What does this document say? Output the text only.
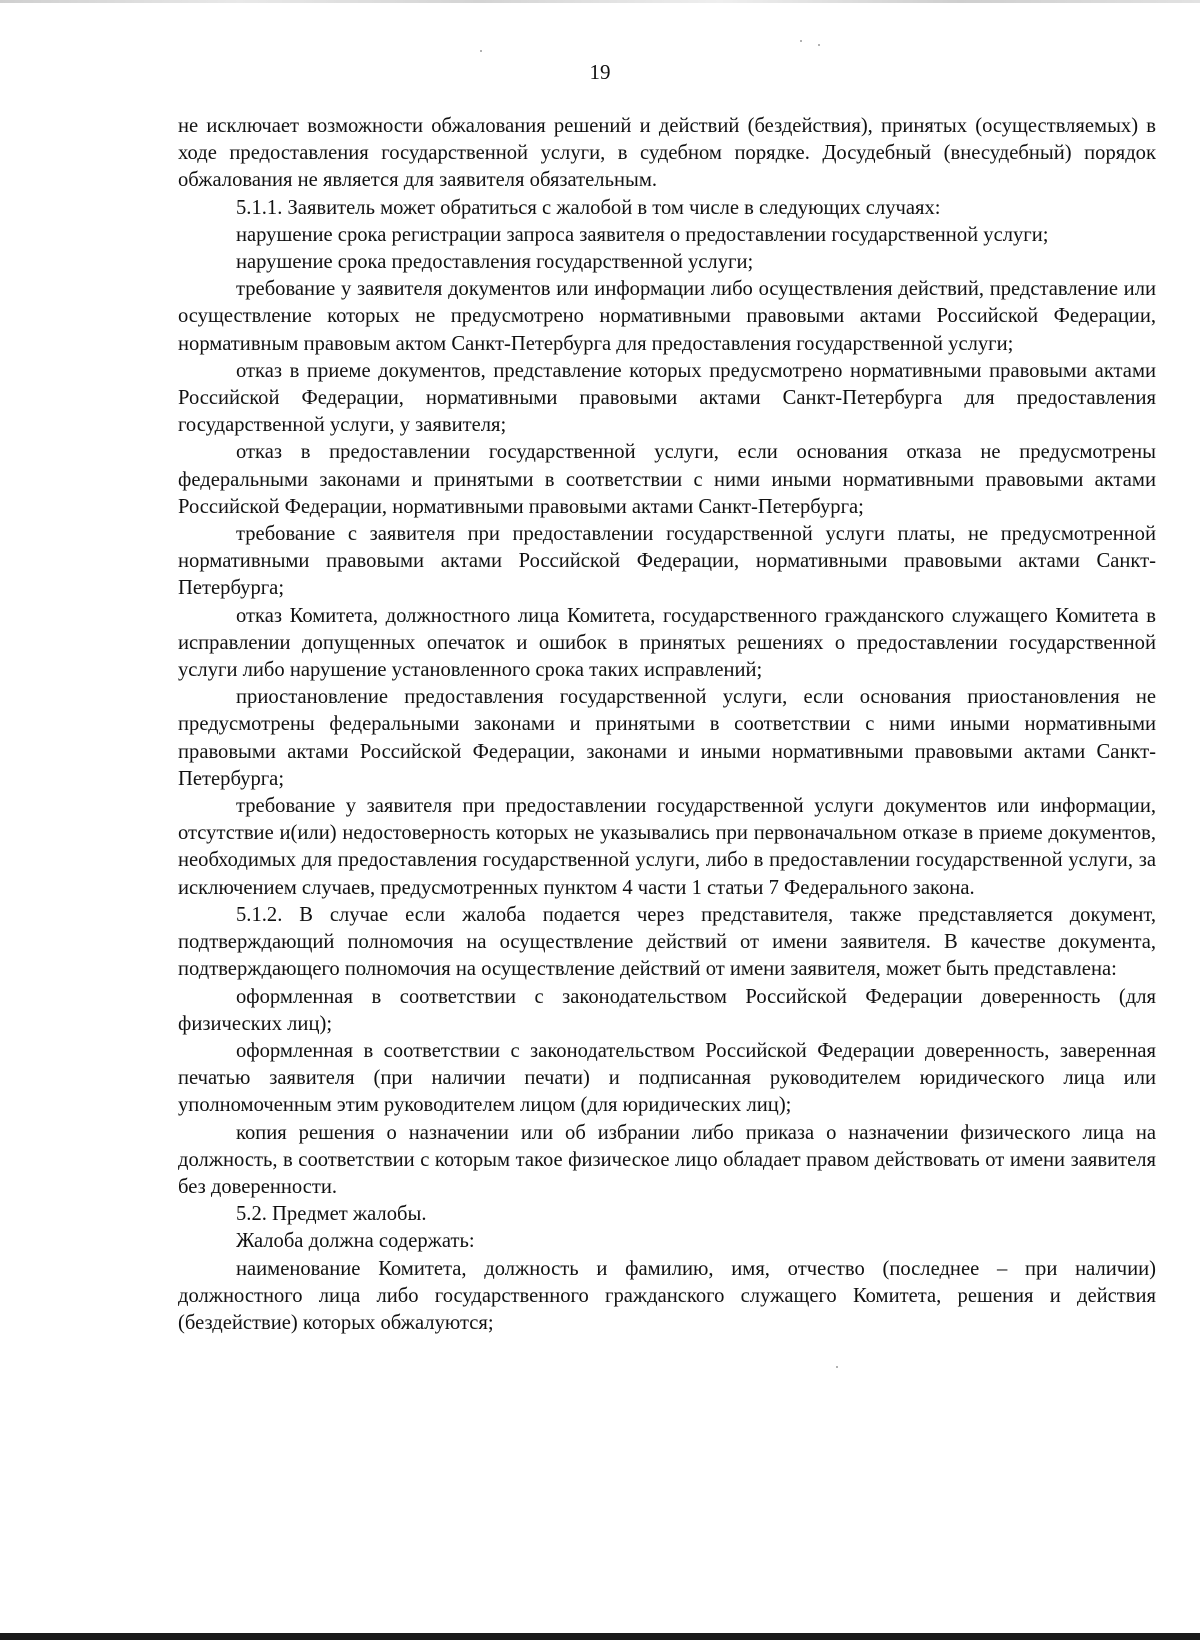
19

не исключает возможности обжалования решений и действий (бездействия), принятых (осуществляемых) в ходе предоставления государственной услуги, в судебном порядке. Досудебный (внесудебный) порядок обжалования не является для заявителя обязательным.

5.1.1. Заявитель может обратиться с жалобой в том числе в следующих случаях:

нарушение срока регистрации запроса заявителя о предоставлении государственной услуги;

нарушение срока предоставления государственной услуги;

требование у заявителя документов или информации либо осуществления действий, представление или осуществление которых не предусмотрено нормативными правовыми актами Российской Федерации, нормативным правовым актом Санкт-Петербурга для предоставления государственной услуги;

отказ в приеме документов, представление которых предусмотрено нормативными правовыми актами Российской Федерации, нормативными правовыми актами Санкт-Петербурга для предоставления государственной услуги, у заявителя;

отказ в предоставлении государственной услуги, если основания отказа не предусмотрены федеральными законами и принятыми в соответствии с ними иными нормативными правовыми актами Российской Федерации, нормативными правовыми актами Санкт-Петербурга;

требование с заявителя при предоставлении государственной услуги платы, не предусмотренной нормативными правовыми актами Российской Федерации, нормативными правовыми актами Санкт-Петербурга;

отказ Комитета, должностного лица Комитета, государственного гражданского служащего Комитета в исправлении допущенных опечаток и ошибок в принятых решениях о предоставлении государственной услуги либо нарушение установленного срока таких исправлений;

приостановление предоставления государственной услуги, если основания приостановления не предусмотрены федеральными законами и принятыми в соответствии с ними иными нормативными правовыми актами Российской Федерации, законами и иными нормативными правовыми актами Санкт-Петербурга;

требование у заявителя при предоставлении государственной услуги документов или информации, отсутствие и(или) недостоверность которых не указывались при первоначальном отказе в приеме документов, необходимых для предоставления государственной услуги, либо в предоставлении государственной услуги, за исключением случаев, предусмотренных пунктом 4 части 1 статьи 7 Федерального закона.

5.1.2. В случае если жалоба подается через представителя, также представляется документ, подтверждающий полномочия на осуществление действий от имени заявителя. В качестве документа, подтверждающего полномочия на осуществление действий от имени заявителя, может быть представлена:

оформленная в соответствии с законодательством Российской Федерации доверенность (для физических лиц);

оформленная в соответствии с законодательством Российской Федерации доверенность, заверенная печатью заявителя (при наличии печати) и подписанная руководителем юридического лица или уполномоченным этим руководителем лицом (для юридических лиц);

копия решения о назначении или об избрании либо приказа о назначении физического лица на должность, в соответствии с которым такое физическое лицо обладает правом действовать от имени заявителя без доверенности.

5.2. Предмет жалобы.

Жалоба должна содержать:

наименование Комитета, должность и фамилию, имя, отчество (последнее – при наличии) должностного лица либо государственного гражданского служащего Комитета, решения и действия (бездействие) которых обжалуются;
